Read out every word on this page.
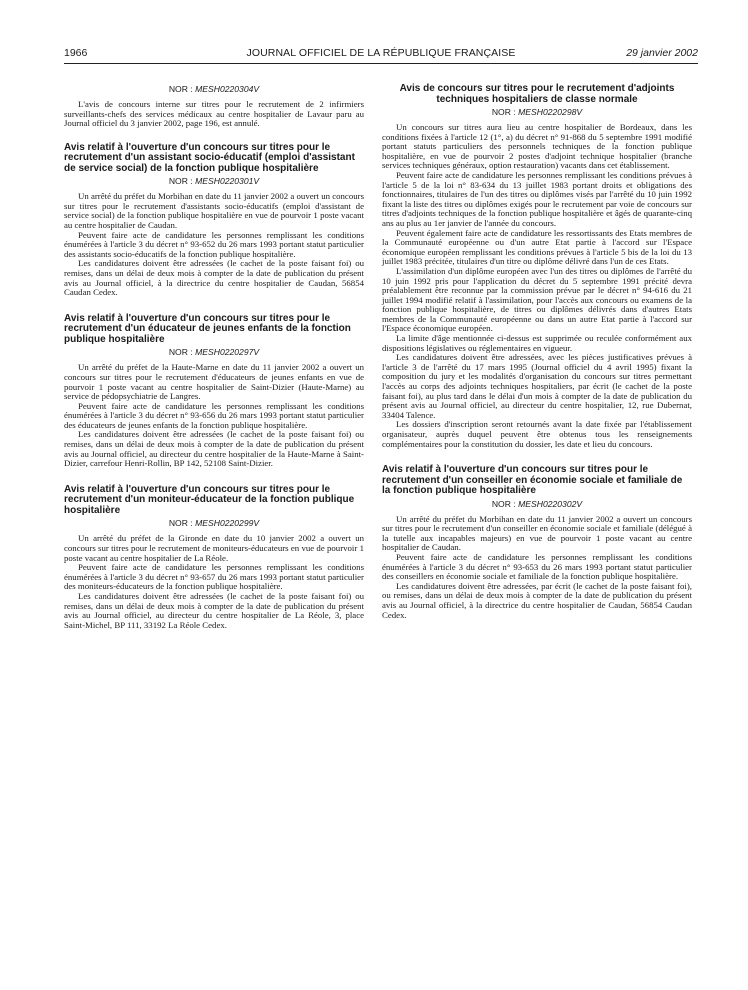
1966	JOURNAL OFFICIEL DE LA RÉPUBLIQUE FRANÇAISE	29 janvier 2002
NOR : MESH0220304V

L'avis de concours interne sur titres pour le recrutement de 2 infirmiers surveillants-chefs des services médicaux au centre hospitalier de Lavaur paru au Journal officiel du 3 janvier 2002, page 196, est annulé.

Avis relatif à l'ouverture d'un concours sur titres pour le recrutement d'un assistant socio-éducatif (emploi d'assistant de service social) de la fonction publique hospitalière
NOR : MESH0220301V

Un arrêté du préfet du Morbihan en date du 11 janvier 2002 a ouvert un concours sur titres pour le recrutement d'assistants socio-éducatifs (emploi d'assistant de service social) de la fonction publique hospitalière en vue de pourvoir 1 poste vacant au centre hospitalier de Caudan.

Peuvent faire acte de candidature les personnes remplissant les conditions énumérées à l'article 3 du décret n° 93-652 du 26 mars 1993 portant statut particulier des assistants socio-éducatifs de la fonction publique hospitalière.

Les candidatures doivent être adressées (le cachet de la poste faisant foi) ou remises, dans un délai de deux mois à compter de la date de publication du présent avis au Journal officiel, à la directrice du centre hospitalier de Caudan, 56854 Caudan Cedex.

Avis relatif à l'ouverture d'un concours sur titres pour le recrutement d'un éducateur de jeunes enfants de la fonction publique hospitalière
NOR : MESH0220297V

Un arrêté du préfet de la Haute-Marne en date du 11 janvier 2002 a ouvert un concours sur titres pour le recrutement d'éducateurs de jeunes enfants en vue de pourvoir 1 poste vacant au centre hospitalier de Saint-Dizier (Haute-Marne) au service de pédopsychiatrie de Langres.

Peuvent faire acte de candidature les personnes remplissant les conditions énumérées à l'article 3 du décret n° 93-656 du 26 mars 1993 portant statut particulier des éducateurs de jeunes enfants de la fonction publique hospitalière.

Les candidatures doivent être adressées (le cachet de la poste faisant foi) ou remises, dans un délai de deux mois à compter de la date de publication du présent avis au Journal officiel, au directeur du centre hospitalier de la Haute-Marne à Saint-Dizier, carrefour Henri-Rollin, BP 142, 52108 Saint-Dizier.

Avis relatif à l'ouverture d'un concours sur titres pour le recrutement d'un moniteur-éducateur de la fonction publique hospitalière
NOR : MESH0220299V

Un arrêté du préfet de la Gironde en date du 10 janvier 2002 a ouvert un concours sur titres pour le recrutement de moniteurs-éducateurs en vue de pourvoir 1 poste vacant au centre hospitalier de La Réole.

Peuvent faire acte de candidature les personnes remplissant les conditions énumérées à l'article 3 du décret n° 93-657 du 26 mars 1993 portant statut particulier des moniteurs-éducateurs de la fonction publique hospitalière.

Les candidatures doivent être adressées (le cachet de la poste faisant foi) ou remises, dans un délai de deux mois à compter de la date de publication du présent avis au Journal officiel, au directeur du centre hospitalier de La Réole, 3, place Saint-Michel, BP 111, 33192 La Réole Cedex.

Avis de concours sur titres pour le recrutement d'adjoints techniques hospitaliers de classe normale
NOR : MESH0220298V

Un concours sur titres aura lieu au centre hospitalier de Bordeaux, dans les conditions fixées à l'article 12 (1°, a) du décret n° 91-868 du 5 septembre 1991 modifié portant statuts particuliers des personnels techniques de la fonction publique hospitalière, en vue de pourvoir 2 postes d'adjoint technique hospitalier (branche services techniques généraux, option restauration) vacants dans cet établissement.

Peuvent faire acte de candidature les personnes remplissant les conditions prévues à l'article 5 de la loi n° 83-634 du 13 juillet 1983 portant droits et obligations des fonctionnaires, titulaires de l'un des titres ou diplômes visés par l'arrêté du 10 juin 1992 fixant la liste des titres ou diplômes exigés pour le recrutement par voie de concours sur titres d'adjoints techniques de la fonction publique hospitalière et âgés de quarante-cinq ans au plus au 1er janvier de l'année du concours.

Peuvent également faire acte de candidature les ressortissants des Etats membres de la Communauté européenne ou d'un autre Etat partie à l'accord sur l'Espace économique européen remplissant les conditions prévues à l'article 5 bis de la loi du 13 juillet 1983 précitée, titulaires d'un titre ou diplôme délivré dans l'un de ces Etats.

L'assimilation d'un diplôme européen avec l'un des titres ou diplômes de l'arrêté du 10 juin 1992 pris pour l'application du décret du 5 septembre 1991 précité devra préalablement être reconnue par la commission prévue par le décret n° 94-616 du 21 juillet 1994 modifié relatif à l'assimilation, pour l'accès aux concours ou examens de la fonction publique hospitalière, de titres ou diplômes délivrés dans d'autres Etats membres de la Communauté européenne ou dans un autre Etat partie à l'accord sur l'Espace économique européen.

La limite d'âge mentionnée ci-dessus est supprimée ou reculée conformément aux dispositions législatives ou réglementaires en vigueur.

Les candidatures doivent être adressées, avec les pièces justificatives prévues à l'article 3 de l'arrêté du 17 mars 1995 (Journal officiel du 4 avril 1995) fixant la composition du jury et les modalités d'organisation du concours sur titres permettant l'accès au corps des adjoints techniques hospitaliers, par écrit (le cachet de la poste faisant foi), au plus tard dans le délai d'un mois à compter de la date de publication du présent avis au Journal officiel, au directeur du centre hospitalier, 12, rue Dubernat, 33404 Talence.

Les dossiers d'inscription seront retournés avant la date fixée par l'établissement organisateur, auprès duquel peuvent être obtenus tous les renseignements complémentaires pour la constitution du dossier, les date et lieu du concours.

Avis relatif à l'ouverture d'un concours sur titres pour le recrutement d'un conseiller en économie sociale et familiale de la fonction publique hospitalière
NOR : MESH0220302V

Un arrêté du préfet du Morbihan en date du 11 janvier 2002 a ouvert un concours sur titres pour le recrutement d'un conseiller en économie sociale et familiale (délégué à la tutelle aux incapables majeurs) en vue de pourvoir 1 poste vacant au centre hospitalier de Caudan.

Peuvent faire acte de candidature les personnes remplissant les conditions énumérées à l'article 3 du décret n° 93-653 du 26 mars 1993 portant statut particulier des conseillers en économie sociale et familiale de la fonction publique hospitalière.

Les candidatures doivent être adressées, par écrit (le cachet de la poste faisant foi), ou remises, dans un délai de deux mois à compter de la date de publication du présent avis au Journal officiel, à la directrice du centre hospitalier de Caudan, 56854 Caudan Cedex.
